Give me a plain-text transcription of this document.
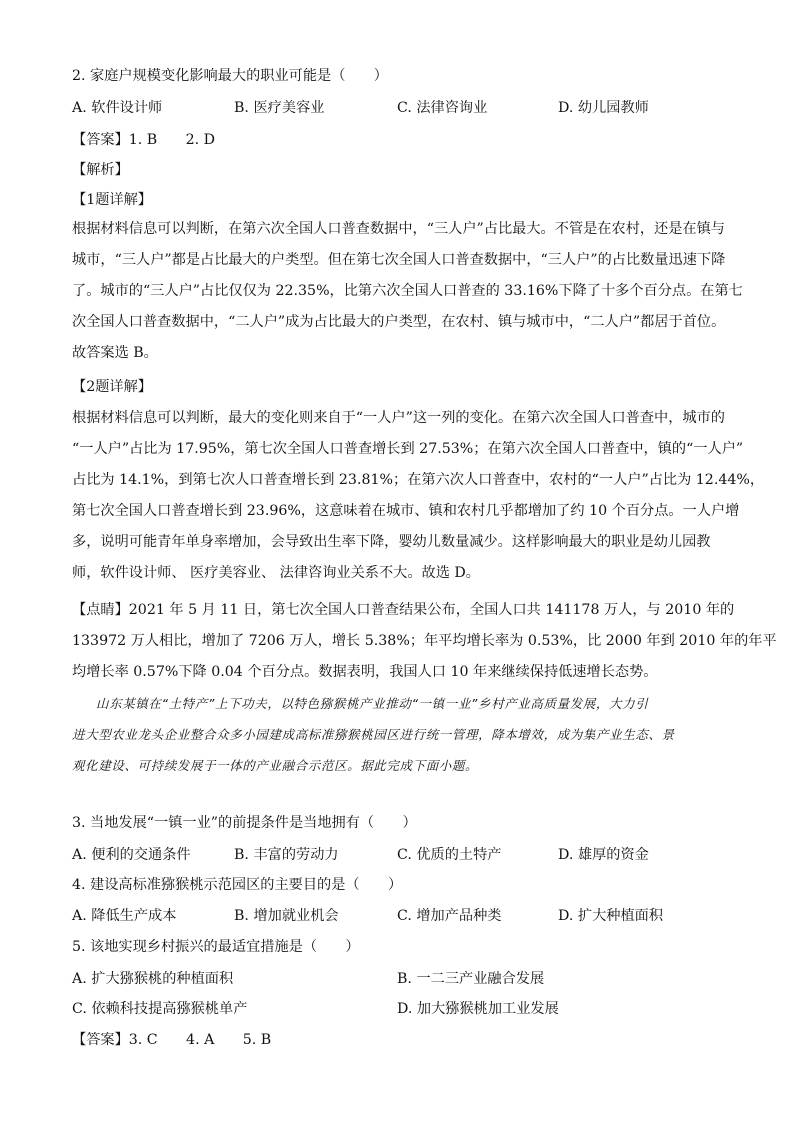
2. 家庭户规模变化影响最大的职业可能是（　　）
A. 软件设计师	B. 医疗美容业	C. 法律咨询业	D. 幼儿园教师
【答案】1. B　　2. D
【解析】
【1题详解】
根据材料信息可以判断，在第六次全国人口普查数据中，“三人户”占比最大。不管是在农村，还是在镇与
城市，“三人户”都是占比最大的户类型。但在第七次全国人口普查数据中，“三人户”的占比数量迅速下降
了。城市的“三人户”占比仅仅为 22.35%，比第六次全国人口普查的 33.16%下降了十多个百分点。在第七
次全国人口普查数据中，“二人户”成为占比最大的户类型，在农村、镇与城市中，“二人户”都居于首位。
故答案选 B。
【2题详解】
根据材料信息可以判断，最大的变化则来自于“一人户”这一列的变化。在第六次全国人口普查中，城市的
“一人户”占比为 17.95%，第七次全国人口普查增长到 27.53%；在第六次全国人口普查中，镇的“一人户”
占比为 14.1%，到第七次人口普查增长到 23.81%；在第六次人口普查中，农村的“一人户”占比为 12.44%，
第七次全国人口普查增长到 23.96%，这意味着在城市、镇和农村几乎都增加了约 10 个百分点。一人户增
多，说明可能青年单身率增加，会导致出生率下降，婴幼儿数量减少。这样影响最大的职业是幼儿园教
师，软件设计师、 医疗美容业、 法律咨询业关系不大。故选 D。
【点睛】2021 年 5 月 11 日，第七次全国人口普查结果公布，全国人口共 141178 万人，与 2010 年的
133972 万人相比，增加了 7206 万人，增长 5.38%；年平均增长率为 0.53%，比 2000 年到 2010 年的年平
均增长率 0.57%下降 0.04 个百分点。数据表明，我国人口 10 年来继续保持低速增长态势。
山东某镇在“土特产”上下功夫，以特色猕猴桃产业推动“一镇一业”乡村产业高质量发展，大力引
进大型农业龙头企业整合众多小园建成高标准猕猴桃园区进行统一管理，降本增效，成为集产业生态、景
观化建设、可持续发展于一体的产业融合示范区。据此完成下面小题。
3. 当地发展“一镇一业”的前提条件是当地拥有（　　）
A. 便利的交通条件	B. 丰富的劳动力	C. 优质的土特产	D. 雄厚的资金
4. 建设高标准猕猴桃示范园区的主要目的是（　　）
A. 降低生产成本	B. 增加就业机会	C. 增加产品种类	D. 扩大种植面积
5. 该地实现乡村振兴的最适宜措施是（　　）
A. 扩大猕猴桃的种植面积	B. 一二三产业融合发展
C. 依赖科技提高猕猴桃单产	D. 加大猕猴桃加工业发展
【答案】3. C　　4. A　　5. B
